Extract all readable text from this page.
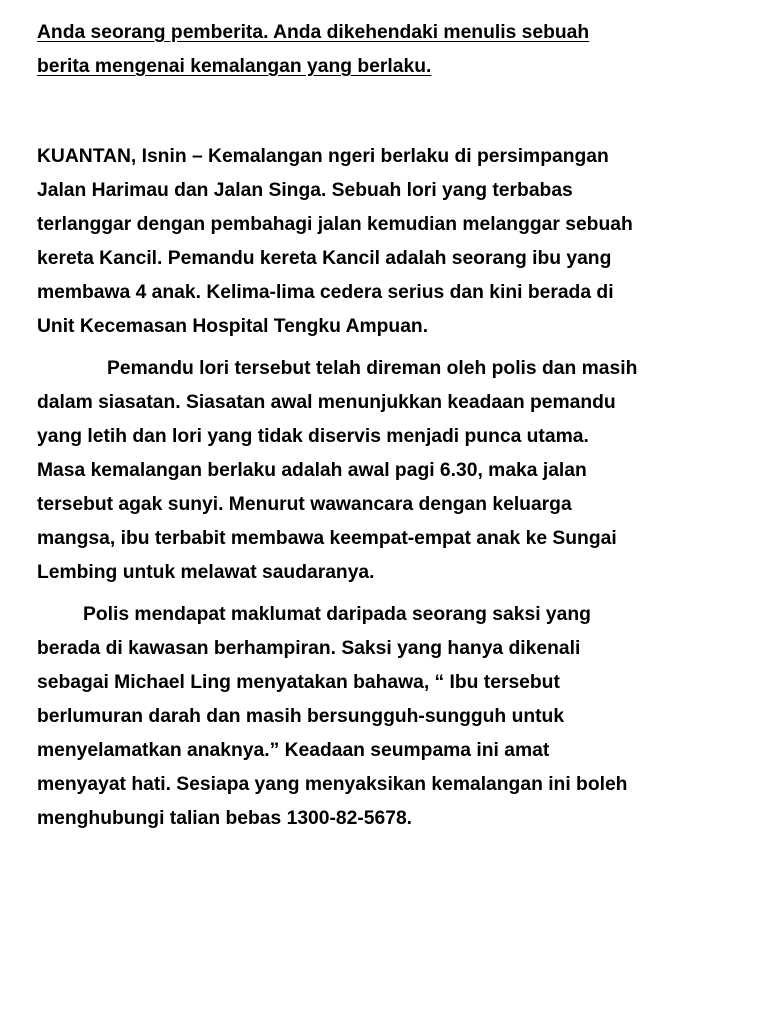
Anda seorang pemberita. Anda dikehendaki menulis sebuah

berita mengenai kemalangan yang berlaku.

KUANTAN, Isnin – Kemalangan ngeri berlaku di persimpangan
Jalan Harimau dan Jalan Singa. Sebuah lori yang terbabas
terlanggar dengan pembahagi jalan kemudian melanggar sebuah
kereta Kancil. Pemandu kereta Kancil adalah seorang ibu yang
membawa 4 anak. Kelima-lima cedera serius dan kini berada di
Unit Kecemasan Hospital Tengku Ampuan.

Pemandu lori tersebut telah direman oleh polis dan masih
dalam siasatan. Siasatan awal menunjukkan keadaan pemandu
yang letih dan lori yang tidak diservis menjadi punca utama.
Masa kemalangan berlaku adalah awal pagi 6.30, maka jalan
tersebut agak sunyi. Menurut wawancara dengan keluarga
mangsa, ibu terbabit membawa keempat-empat anak ke Sungai
Lembing untuk melawat saudaranya.

Polis mendapat maklumat daripada seorang saksi yang
berada di kawasan berhampiran. Saksi yang hanya dikenali
sebagai Michael Ling menyatakan bahawa, “ Ibu tersebut
berlumuran darah dan masih bersungguh-sungguh untuk
menyelamatkan anaknya.” Keadaan seumpama ini amat
menyayat hati. Sesiapa yang menyaksikan kemalangan ini boleh
menghubungi talian bebas 1300-82-5678.
